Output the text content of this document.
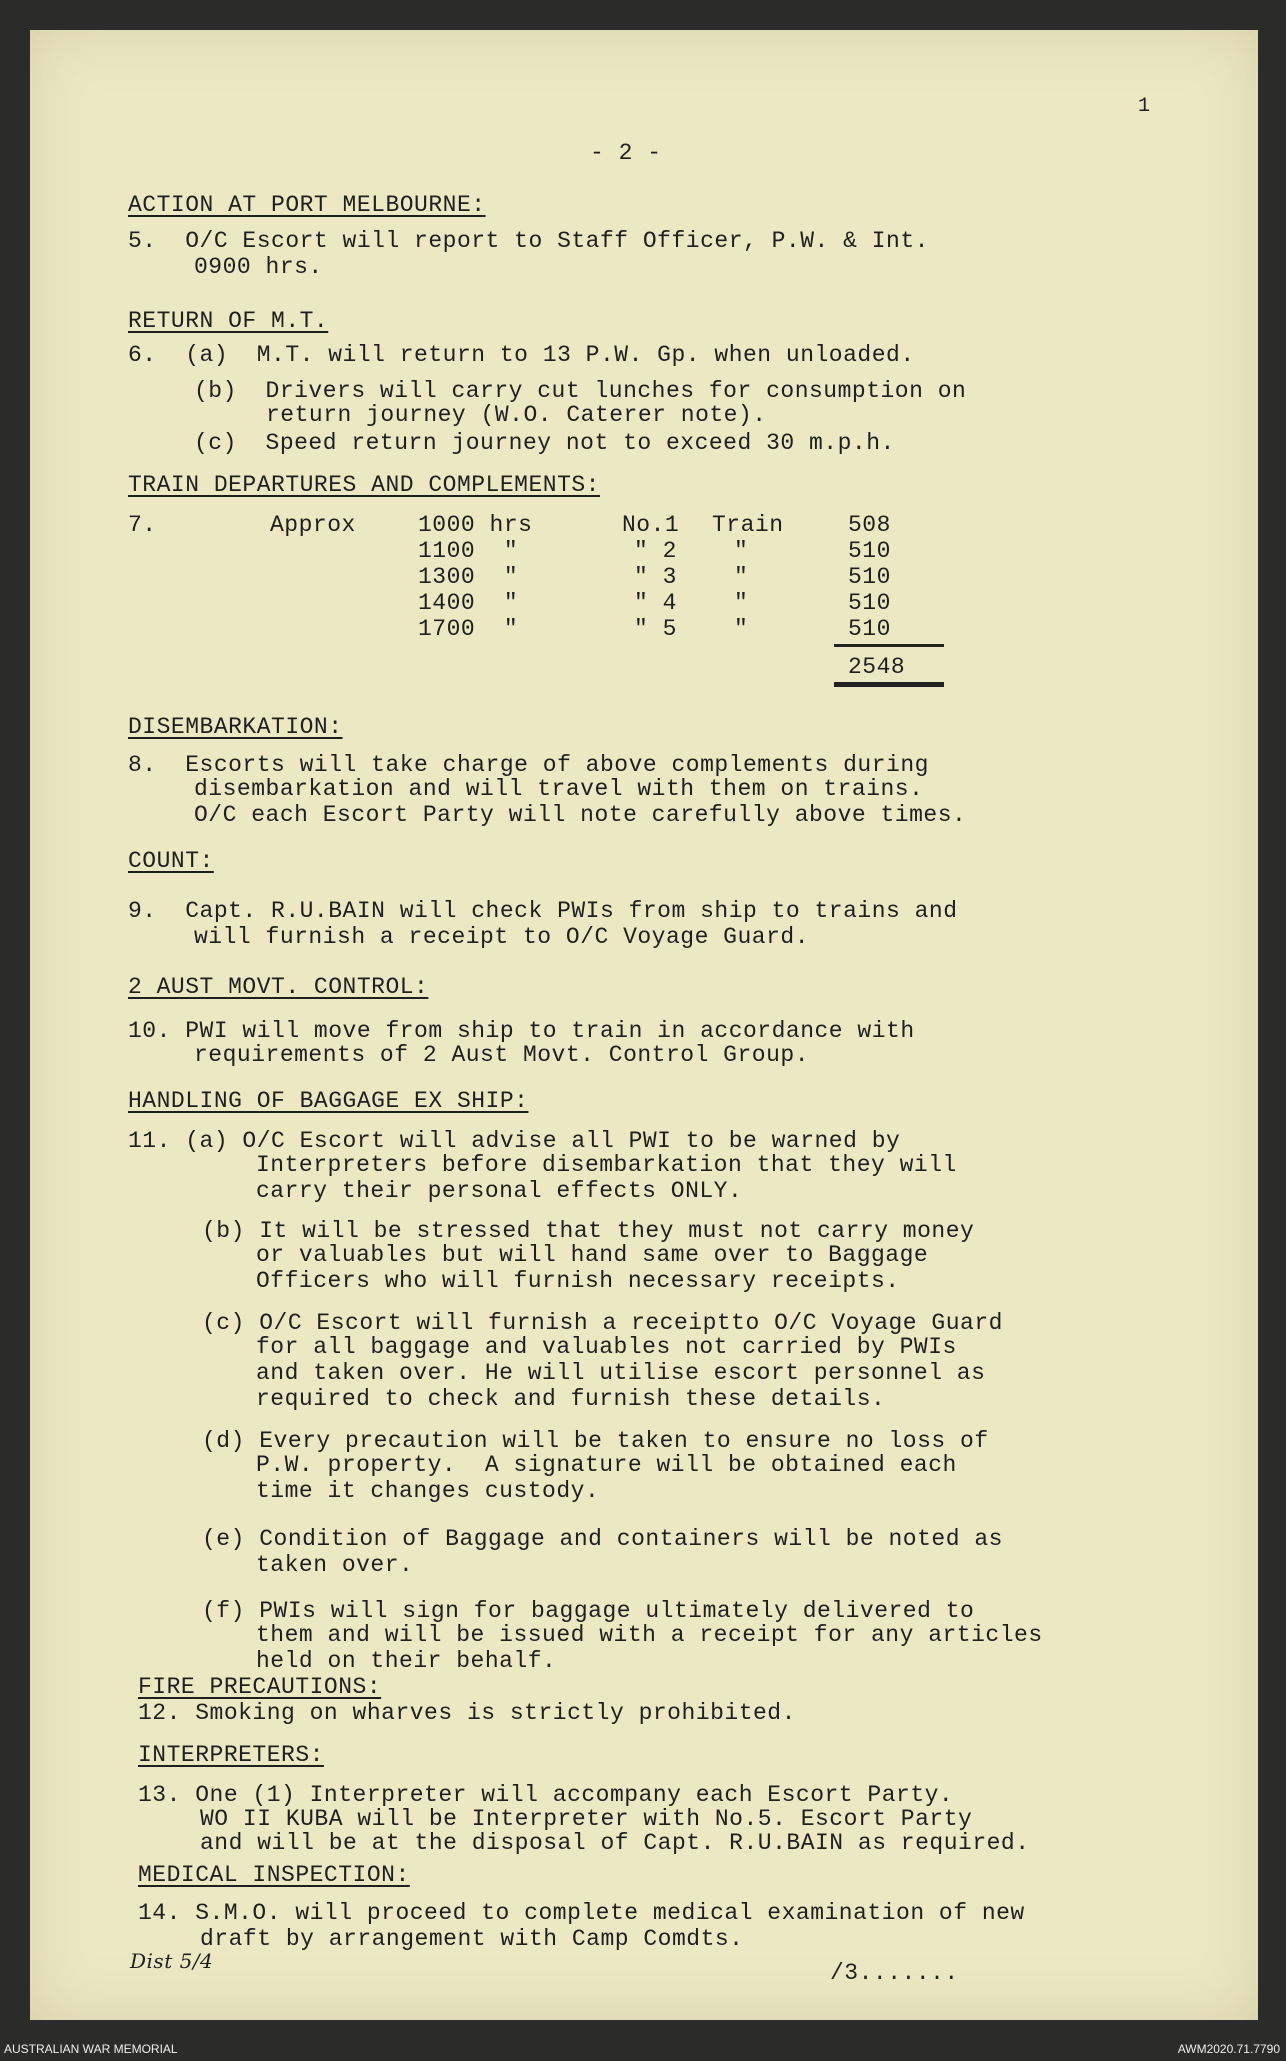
1
- 2 -
ACTION AT PORT MELBOURNE:
5.  O/C Escort will report to Staff Officer, P.W. & Int.
0900 hrs.
RETURN OF M.T.
6.  (a)  M.T. will return to 13 P.W. Gp. when unloaded.
(b)  Drivers will carry cut lunches for consumption on
return journey (W.O. Caterer note).
(c)  Speed return journey not to exceed 30 m.p.h.
TRAIN DEPARTURES AND COMPLEMENTS:
7.	Approx	1000 hrs	No.1 Train	508
1100  "	" 2 "	510
1300  "	" 3 "	510
1400  "	" 4 "	510
1700  "	" 5 "	510
2548
DISEMBARKATION:
8.  Escorts will take charge of above complements during
disembarkation and will travel with them on trains.
O/C each Escort Party will note carefully above times.
COUNT:
9.  Capt. R.U.BAIN will check PWIs from ship to trains and
will furnish a receipt to O/C Voyage Guard.
2 AUST MOVT. CONTROL:
10. PWI will move from ship to train in accordance with
requirements of 2 Aust Movt. Control Group.
HANDLING OF BAGGAGE EX SHIP:
11. (a) O/C Escort will advise all PWI to be warned by
Interpreters before disembarkation that they will
carry their personal effects ONLY.
(b) It will be stressed that they must not carry money
or valuables but will hand same over to Baggage
Officers who will furnish necessary receipts.
(c) O/C Escort will furnish a receiptto O/C Voyage Guard
for all baggage and valuables not carried by PWIs
and taken over. He will utilise escort personnel as
required to check and furnish these details.
(d) Every precaution will be taken to ensure no loss of
P.W. property.  A signature will be obtained each
time it changes custody.
(e) Condition of Baggage and containers will be noted as
taken over.
(f) PWIs will sign for baggage ultimately delivered to
them and will be issued with a receipt for any articles
held on their behalf.
FIRE PRECAUTIONS:
12. Smoking on wharves is strictly prohibited.
INTERPRETERS:
13. One (1) Interpreter will accompany each Escort Party.
WO II KUBA will be Interpreter with No.5. Escort Party
and will be at the disposal of Capt. R.U.BAIN as required.
MEDICAL INSPECTION:
14. S.M.O. will proceed to complete medical examination of new
draft by arrangement with Camp Comdts.
Dist 5/4	/3.......
AUSTRALIAN WAR MEMORIAL	AWM2020.71.7790
